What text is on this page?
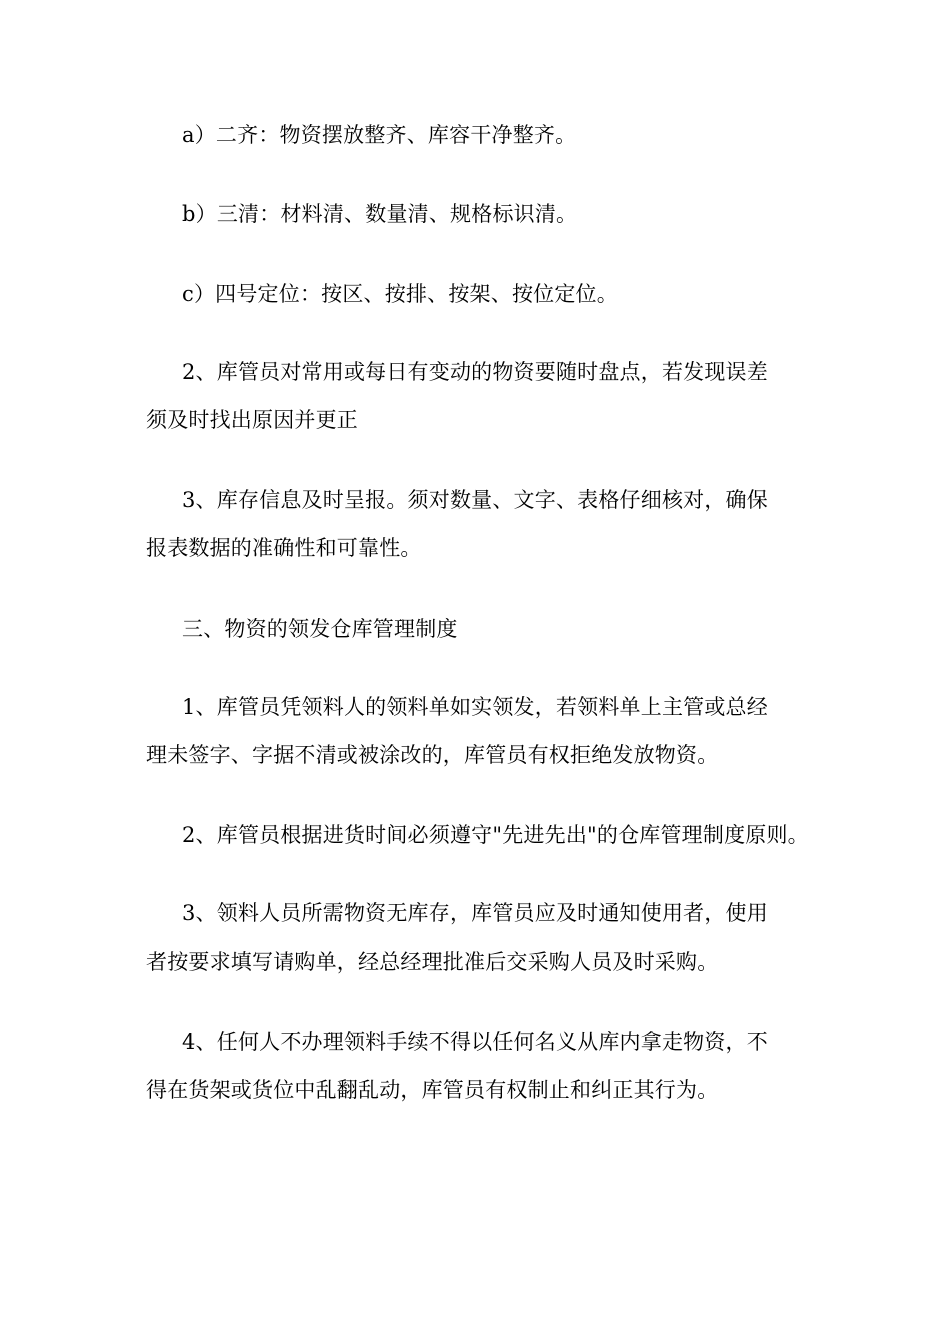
a）二齐：物资摆放整齐、库容干净整齐。
b）三清：材料清、数量清、规格标识清。
c）四号定位：按区、按排、按架、按位定位。
2、库管员对常用或每日有变动的物资要随时盘点，若发现误差
须及时找出原因并更正
3、库存信息及时呈报。须对数量、文字、表格仔细核对，确保
报表数据的准确性和可靠性。
三、物资的领发仓库管理制度
1、库管员凭领料人的领料单如实领发，若领料单上主管或总经
理未签字、字据不清或被涂改的，库管员有权拒绝发放物资。
2、库管员根据进货时间必须遵守"先进先出"的仓库管理制度原则。
3、领料人员所需物资无库存，库管员应及时通知使用者，使用
者按要求填写请购单，经总经理批准后交采购人员及时采购。
4、任何人不办理领料手续不得以任何名义从库内拿走物资，不
得在货架或货位中乱翻乱动，库管员有权制止和纠正其行为。
